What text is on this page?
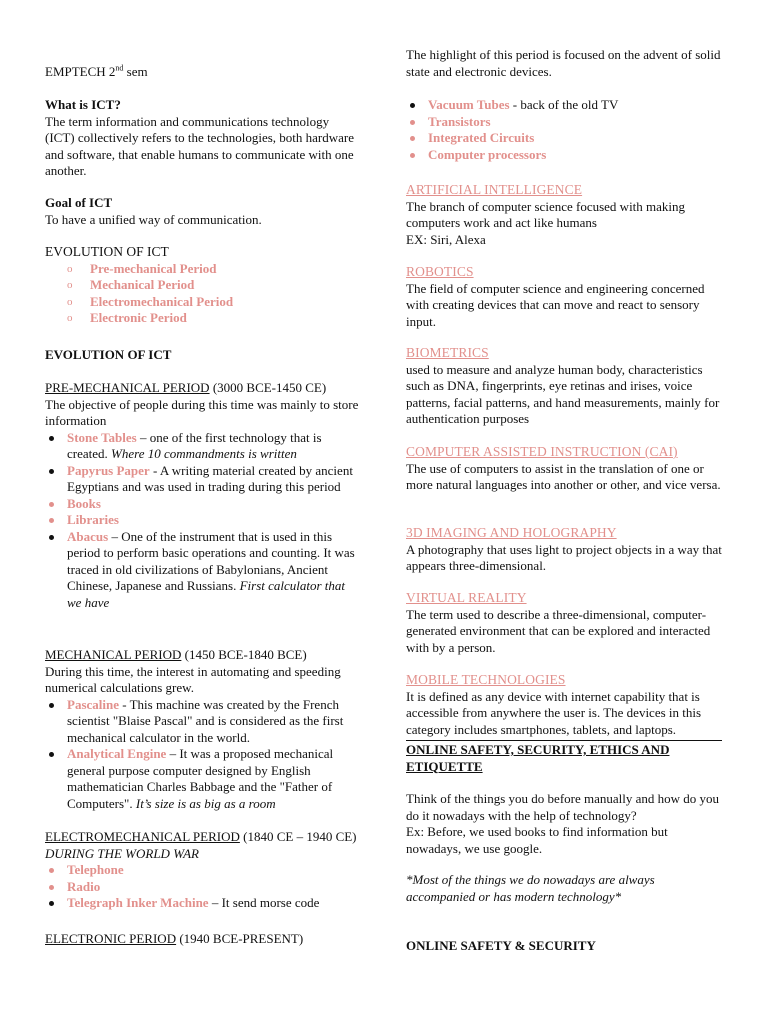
EMPTECH 2nd sem

What is ICT?

The term information and communications technology (ICT) collectively refers to the technologies, both hardware and software, that enable humans to communicate with one another.

Goal of ICT

To have a unified way of communication.

EVOLUTION OF ICT

o Pre-mechanical Period
o Mechanical Period
o Electromechanical Period
o Electronic Period

EVOLUTION OF ICT

PRE-MECHANICAL PERIOD (3000 BCE-1450 CE)

The objective of people during this time was mainly to store information

Stone Tables – one of the first technology that is created. Where 10 commandments is written
Papyrus Paper - A writing material created by ancient Egyptians and was used in trading during this period
Books
Libraries
Abacus – One of the instrument that is used in this period to perform basic operations and counting. It was traced in old civilizations of Babylonians, Ancient Chinese, Japanese and Russians. First calculator that we have

MECHANICAL PERIOD (1450 BCE-1840 BCE)

During this time, the interest in automating and speeding numerical calculations grew.

Pascaline - This machine was created by the French scientist "Blaise Pascal" and is considered as the first mechanical calculator in the world.
Analytical Engine – It was a proposed mechanical general purpose computer designed by English mathematician Charles Babbage and the "Father of Computers". It’s size is as big as a room

ELECTROMECHANICAL PERIOD (1840 CE – 1940 CE) DURING THE WORLD WAR

Telephone
Radio
Telegraph Inker Machine – It send morse code

ELECTRONIC PERIOD (1940 BCE-PRESENT)

The highlight of this period is focused on the advent of solid state and electronic devices.

Vacuum Tubes - back of the old TV
Transistors
Integrated Circuits
Computer processors

ARTIFICIAL INTELLIGENCE

The branch of computer science focused with making computers work and act like humans

EX: Siri, Alexa

ROBOTICS

The field of computer science and engineering concerned with creating devices that can move and react to sensory input.

BIOMETRICS

used to measure and analyze human body, characteristics such as DNA, fingerprints, eye retinas and irises, voice patterns, facial patterns, and hand measurements, mainly for authentication purposes

COMPUTER ASSISTED INSTRUCTION (CAI)

The use of computers to assist in the translation of one or more natural languages into another or other, and vice versa.

3D IMAGING AND HOLOGRAPHY

A photography that uses light to project objects in a way that appears three-dimensional.

VIRTUAL REALITY

The term used to describe a three-dimensional, computer- generated environment that can be explored and interacted with by a person.

MOBILE TECHNOLOGIES

It is defined as any device with internet capability that is accessible from anywhere the user is. The devices in this category includes smartphones, tablets, and laptops.

ONLINE SAFETY, SECURITY, ETHICS AND ETIQUETTE

Think of the things you do before manually and how do you do it nowadays with the help of technology?

Ex: Before, we used books to find information but nowadays, we use google.

*Most of the things we do nowadays are always accompanied or has modern technology*

ONLINE SAFETY & SECURITY
